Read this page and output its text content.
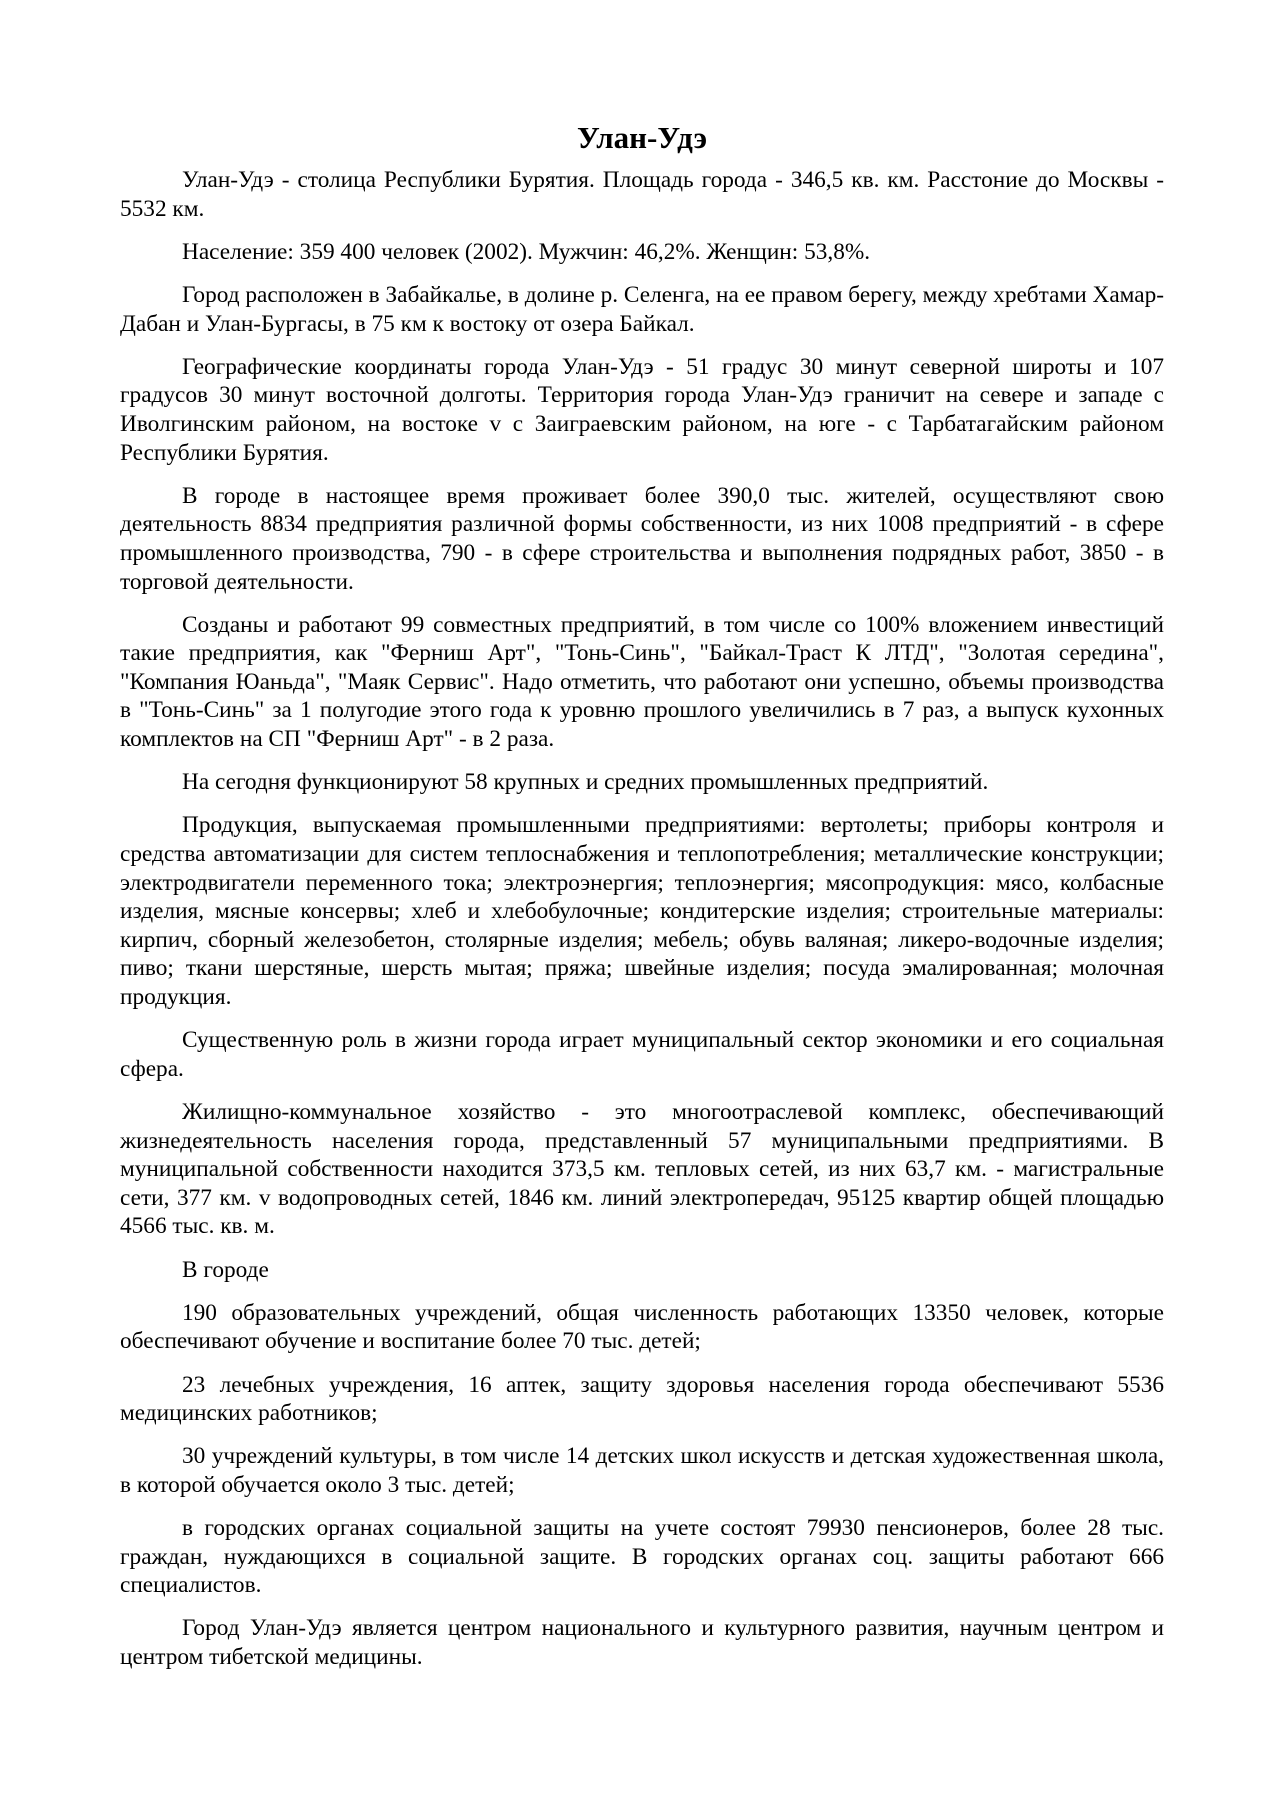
Улан-Удэ

Улан-Удэ - столица Республики Бурятия. Площадь города - 346,5 кв. км. Расстоние до Москвы - 5532 км.

Население: 359 400 человек (2002). Мужчин: 46,2%. Женщин: 53,8%.

Город расположен в Забайкалье, в долине р. Селенга, на ее правом берегу, между хребтами Хамар-Дабан и Улан-Бургасы, в 75 км к востоку от озера Байкал.

Географические координаты города Улан-Удэ - 51 градус 30 минут северной широты и 107 градусов 30 минут восточной долготы. Территория города Улан-Удэ граничит на севере и западе с Иволгинским районом, на востоке v с Заиграевским районом, на юге - с Тарбатагайским районом Республики Бурятия.

В городе в настоящее время проживает более 390,0 тыс. жителей, осуществляют свою деятельность 8834 предприятия различной формы собственности, из них 1008 предприятий - в сфере промышленного производства, 790 - в сфере строительства и выполнения подрядных работ, 3850 - в торговой деятельности.

Созданы и работают 99 совместных предприятий, в том числе со 100% вложением инвестиций такие предприятия, как "Ферниш Арт", "Тонь-Синь", "Байкал-Траст К ЛТД", "Золотая середина", "Компания Юаньда", "Маяк Сервис". Надо отметить, что работают они успешно, объемы производства в "Тонь-Синь" за 1 полугодие этого года к уровню прошлого увеличились в 7 раз, а выпуск кухонных комплектов на СП "Ферниш Арт" - в 2 раза.

На сегодня функционируют 58 крупных и средних промышленных предприятий.

Продукция, выпускаемая промышленными предприятиями: вертолеты; приборы контроля и средства автоматизации для систем теплоснабжения и теплопотребления; металлические конструкции; электродвигатели переменного тока; электроэнергия; теплоэнергия; мясопродукция: мясо, колбасные изделия, мясные консервы; хлеб и хлебобулочные; кондитерские изделия; строительные материалы: кирпич, сборный железобетон, столярные изделия; мебель; обувь валяная; ликеро-водочные изделия; пиво; ткани шерстяные, шерсть мытая; пряжа; швейные изделия; посуда эмалированная; молочная продукция.

Существенную роль в жизни города играет муниципальный сектор экономики и его социальная сфера.

Жилищно-коммунальное хозяйство - это многоотраслевой комплекс, обеспечивающий жизнедеятельность населения города, представленный 57 муниципальными предприятиями. В муниципальной собственности находится 373,5 км. тепловых сетей, из них 63,7 км. - магистральные сети, 377 км. v водопроводных сетей, 1846 км. линий электропередач, 95125 квартир общей площадью 4566 тыс. кв. м.

В городе

190 образовательных учреждений, общая численность работающих 13350 человек, которые обеспечивают обучение и воспитание более 70 тыс. детей;

23 лечебных учреждения, 16 аптек, защиту здоровья населения города обеспечивают 5536 медицинских работников;

30 учреждений культуры, в том числе 14 детских школ искусств и детская художественная школа, в которой обучается около 3 тыс. детей;

в городских органах социальной защиты на учете состоят 79930 пенсионеров, более 28 тыс. граждан, нуждающихся в социальной защите. В городских органах соц. защиты работают 666 специалистов.

Город Улан-Удэ является центром национального и культурного развития, научным центром и центром тибетской медицины.
